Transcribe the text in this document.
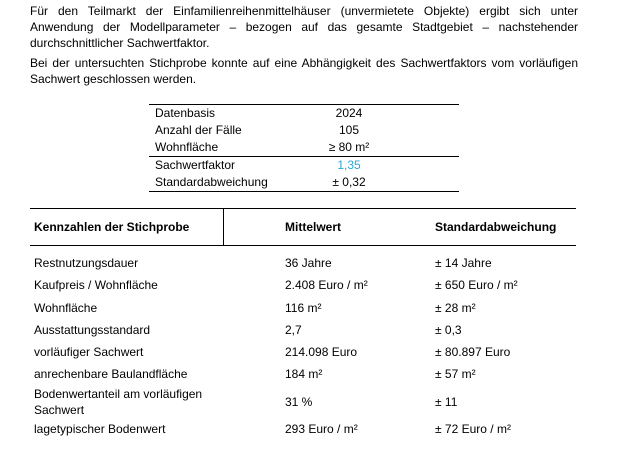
Für den Teilmarkt der Einfamilienreihenmittelhäuser (unvermietete Objekte) ergibt sich unter
Anwendung der Modellparameter – bezogen auf das gesamte Stadtgebiet – nachstehender
durchschnittlicher Sachwertfaktor.
Bei der untersuchten Stichprobe konnte auf eine Abhängigkeit des Sachwertfaktors vom vorläufigen
Sachwert geschlossen werden.
Datenbasis	2024
Anzahl der Fälle	105
Wohnfläche	≥ 80 m²
Sachwertfaktor	1,35
Standardabweichung	± 0,32
Kennzahlen der Stichprobe	Mittelwert	Standardabweichung
Restnutzungsdauer	36 Jahre	± 14 Jahre
Kaufpreis / Wohnfläche	2.408 Euro / m²	± 650 Euro / m²
Wohnfläche	116 m²	± 28 m²
Ausstattungsstandard	2,7	± 0,3
vorläufiger Sachwert	214.098 Euro	± 80.897 Euro
anrechenbare Baulandfläche	184 m²	± 57 m²
Bodenwertanteil am vorläufigen
Sachwert
31 %	± 11
lagetypischer Bodenwert	293 Euro / m²	± 72 Euro / m²
